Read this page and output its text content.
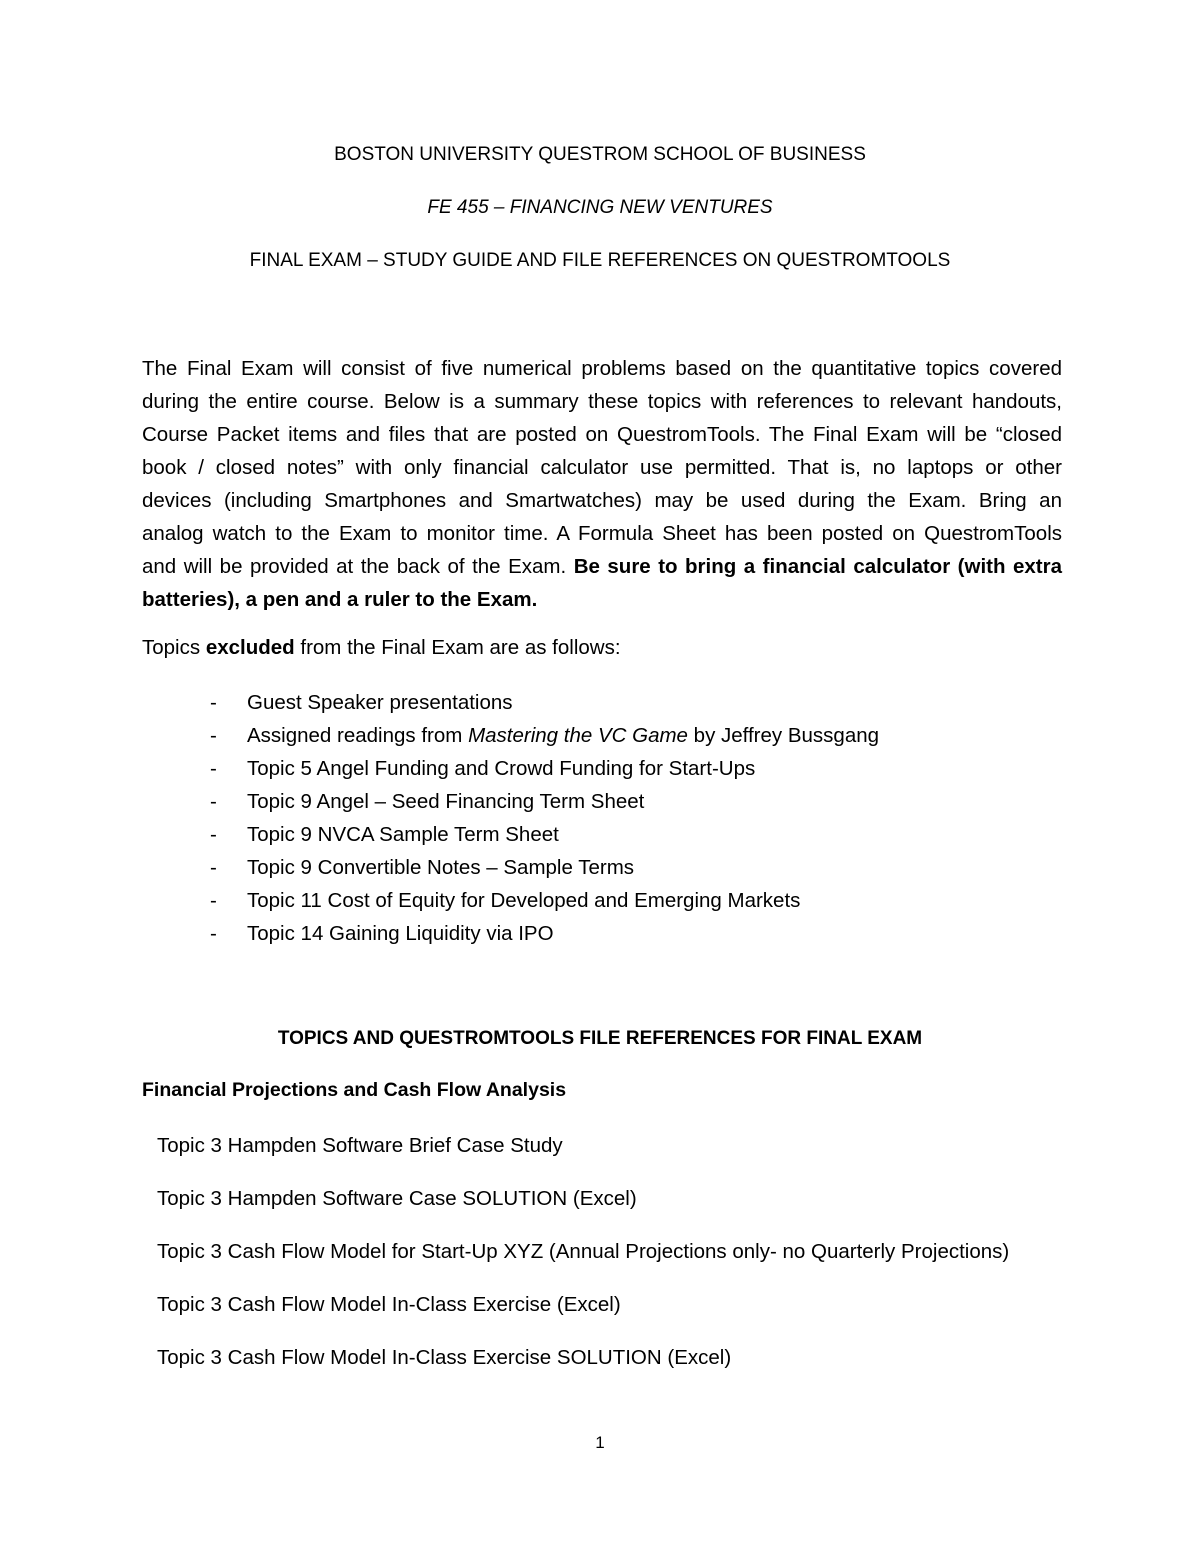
BOSTON UNIVERSITY QUESTROM SCHOOL OF BUSINESS
FE 455 – FINANCING NEW VENTURES
FINAL EXAM – STUDY GUIDE AND FILE REFERENCES ON QUESTROMTOOLS
The Final Exam will consist of five numerical problems based on the quantitative topics covered
during the entire course. Below is a summary these topics with references to relevant handouts,
Course Packet items and files that are posted on QuestromTools. The Final Exam will be “closed
book / closed notes” with only financial calculator use permitted. That is, no laptops or other
devices (including Smartphones and Smartwatches) may be used during the Exam. Bring an
analog watch to the Exam to monitor time. A Formula Sheet has been posted on QuestromTools
and will be provided at the back of the Exam. Be sure to bring a financial calculator (with extra
batteries), a pen and a ruler to the Exam.
Topics excluded from the Final Exam are as follows:
- Guest Speaker presentations
- Assigned readings from Mastering the VC Game by Jeffrey Bussgang
- Topic 5 Angel Funding and Crowd Funding for Start-Ups
- Topic 9 Angel – Seed Financing Term Sheet
- Topic 9 NVCA Sample Term Sheet
- Topic 9 Convertible Notes – Sample Terms
- Topic 11 Cost of Equity for Developed and Emerging Markets
- Topic 14 Gaining Liquidity via IPO
TOPICS AND QUESTROMTOOLS FILE REFERENCES FOR FINAL EXAM
Financial Projections and Cash Flow Analysis
Topic 3 Hampden Software Brief Case Study
Topic 3 Hampden Software Case SOLUTION (Excel)
Topic 3 Cash Flow Model for Start-Up XYZ (Annual Projections only- no Quarterly Projections)
Topic 3 Cash Flow Model In-Class Exercise (Excel)
Topic 3 Cash Flow Model In-Class Exercise SOLUTION (Excel)
1
